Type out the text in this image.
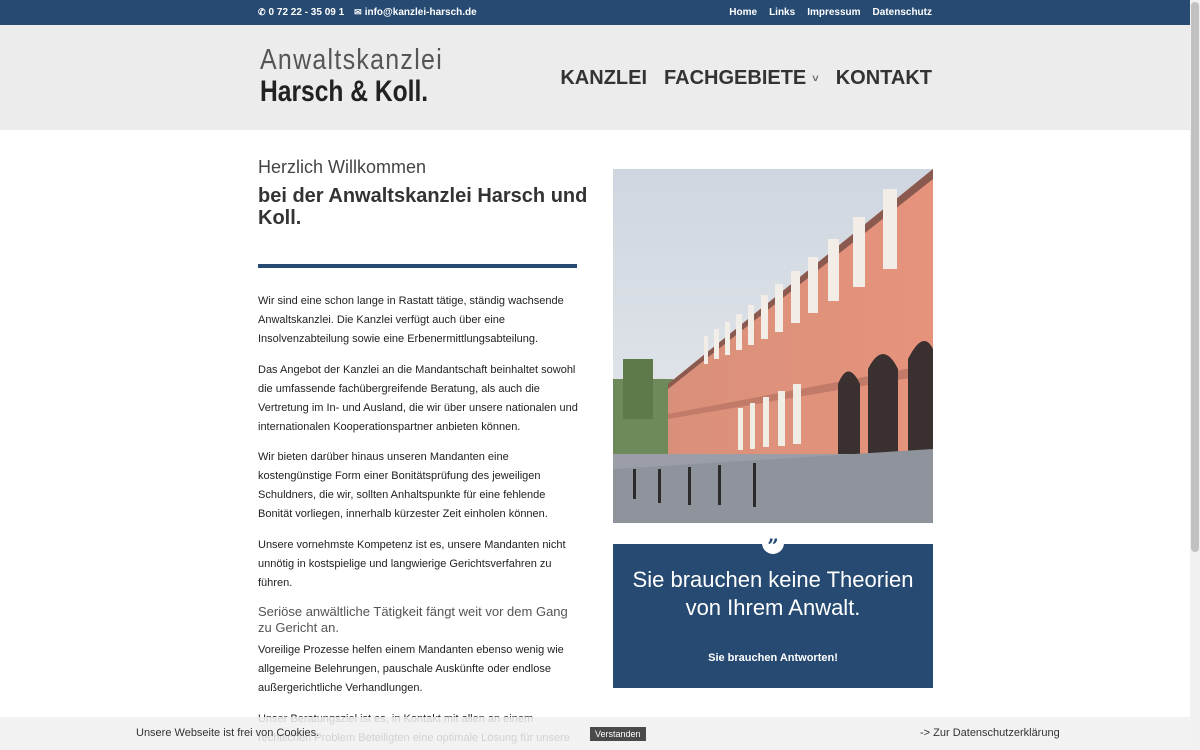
✆ 0 72 22 - 35 09 1 ✉ info@kanzlei-harsch.de	Home Links Impressum Datenschutz
Anwaltskanzlei
Harsch & Koll.	KANZLEI FACHGEBIETE ˅ KONTAKT
Herzlich Willkommen
bei der Anwaltskanzlei Harsch und Koll.

Wir sind eine schon lange in Rastatt tätige, ständig wachsende Anwaltskanzlei. Die Kanzlei verfügt auch über eine Insolvenzabteilung sowie eine Erbenermittlungsabteilung.

Das Angebot der Kanzlei an die Mandantschaft beinhaltet sowohl die umfassende fachübergreifende Beratung, als auch die Vertretung im In- und Ausland, die wir über unsere nationalen und internationalen Kooperationspartner anbieten können.

Wir bieten darüber hinaus unseren Mandanten eine kostengünstige Form einer Bonitätsprüfung des jeweiligen Schuldners, die wir, sollten Anhaltspunkte für eine fehlende Bonität vorliegen, innerhalb kürzester Zeit einholen können.

Unsere vornehmste Kompetenz ist es, unsere Mandanten nicht unnötig in kostspielige und langwierige Gerichtsverfahren zu führen.

Seriöse anwältliche Tätigkeit fängt weit vor dem Gang zu Gericht an.

Voreilige Prozesse helfen einem Mandanten ebenso wenig wie allgemeine Belehrungen, pauschale Auskünfte oder endlose außergerichtliche Verhandlungen.

Sie brauchen keine Theorien von Ihrem Anwalt.
Sie brauchen Antworten!
”
Unsere Webseite ist frei von Cookies.	Verstanden	-> Zur Datenschutzerklärung
